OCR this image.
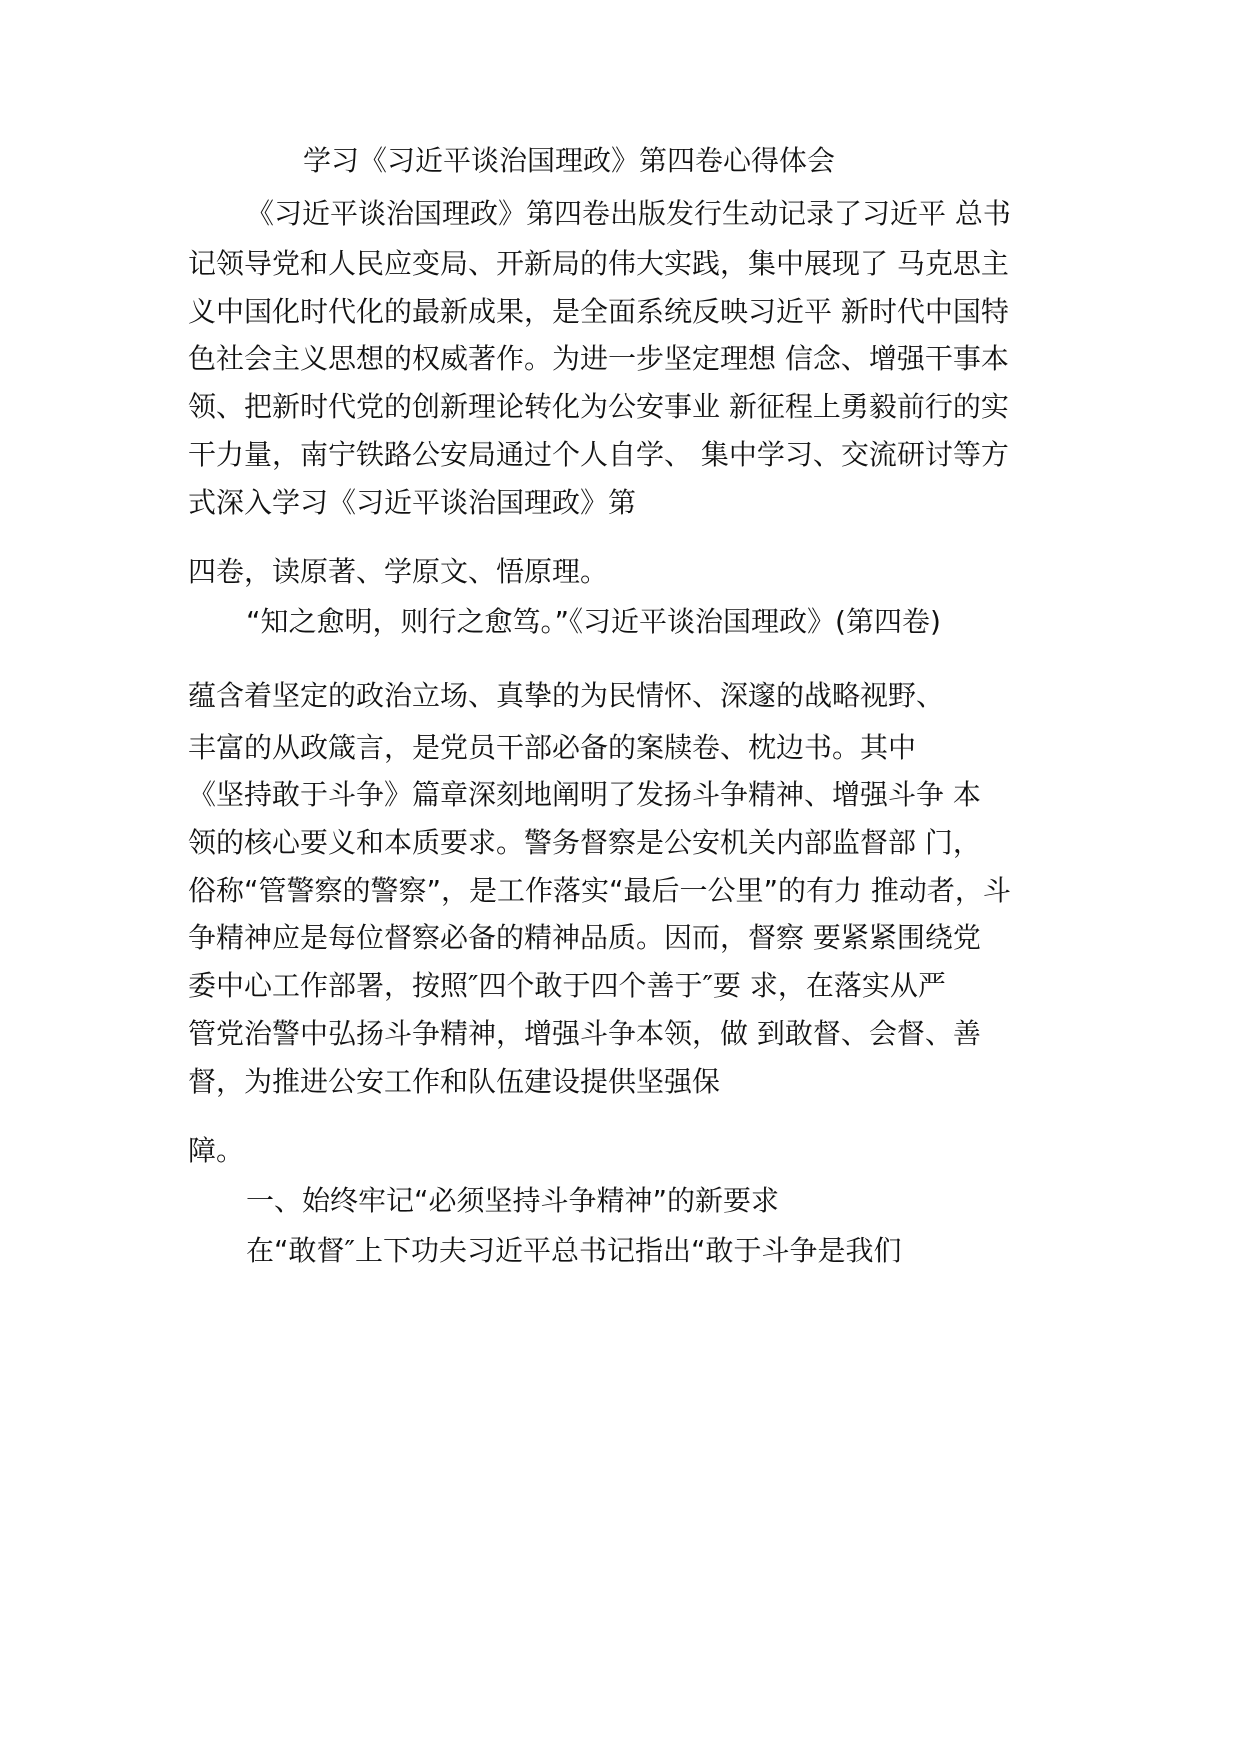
学习《习近平谈治国理政》第四卷心得体会
《习近平谈治国理政》第四卷出版发行生动记录了习近平 总书
记领导党和人民应变局、开新局的伟大实践，集中展现了 马克思主
义中国化时代化的最新成果，是全面系统反映习近平 新时代中国特
色社会主义思想的权威著作。为进一步坚定理想 信念、增强干事本
领、把新时代党的创新理论转化为公安事业 新征程上勇毅前行的实
干力量，南宁铁路公安局通过个人自学、 集中学习、交流研讨等方
式深入学习《习近平谈治国理政》第
四卷，读原著、学原文、悟原理。
“知之愈明，则行之愈笃。”《习近平谈治国理政》(第四卷)
蕴含着坚定的政治立场、真挚的为民情怀、深邃的战略视野、
丰富的从政箴言，是党员干部必备的案牍卷、枕边书。其中
《坚持敢于斗争》篇章深刻地阐明了发扬斗争精神、增强斗争 本
领的核心要义和本质要求。警务督察是公安机关内部监督部 门，
俗称“管警察的警察”，是工作落实“最后一公里”的有力 推动者，斗
争精神应是每位督察必备的精神品质。因而，督察 要紧紧围绕党
委中心工作部署，按照″四个敢于四个善于″要 求，在落实从严
管党治警中弘扬斗争精神，增强斗争本领，做 到敢督、会督、善
督，为推进公安工作和队伍建设提供坚强保
障。
一、始终牢记“必须坚持斗争精神”的新要求
在“敢督″上下功夫习近平总书记指出“敢于斗争是我们
